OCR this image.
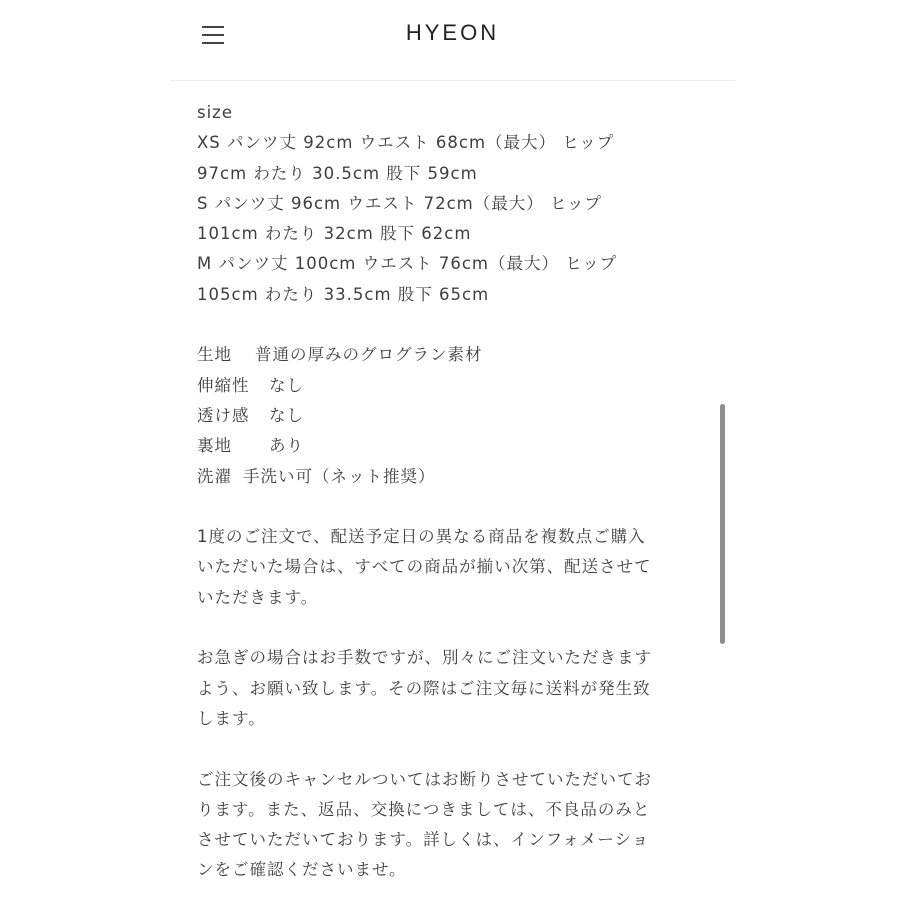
HYEON
size
XS パンツ丈 92cm ウエスト 68cm（最大） ヒップ
97cm わたり 30.5cm 股下 59cm
S パンツ丈 96cm ウエスト 72cm（最大） ヒップ
101cm わたり 32cm 股下 62cm
M パンツ丈 100cm ウエスト 76cm（最大） ヒップ
105cm わたり 33.5cm 股下 65cm
生地	普通の厚みのグログラン素材
伸縮性	なし
透け感	なし
裏地	あり
洗濯 手洗い可（ネット推奨）
1度のご注文で、配送予定日の異なる商品を複数点ご購入
いただいた場合は、すべての商品が揃い次第、配送させて
いただきます。
お急ぎの場合はお手数ですが、別々にご注文いただきます
よう、お願い致します。その際はご注文毎に送料が発生致
します。
ご注文後のキャンセルついてはお断りさせていただいてお
ります。また、返品、交換につきましては、不良品のみと
させていただいております。詳しくは、インフォメーショ
ンをご確認くださいませ。
